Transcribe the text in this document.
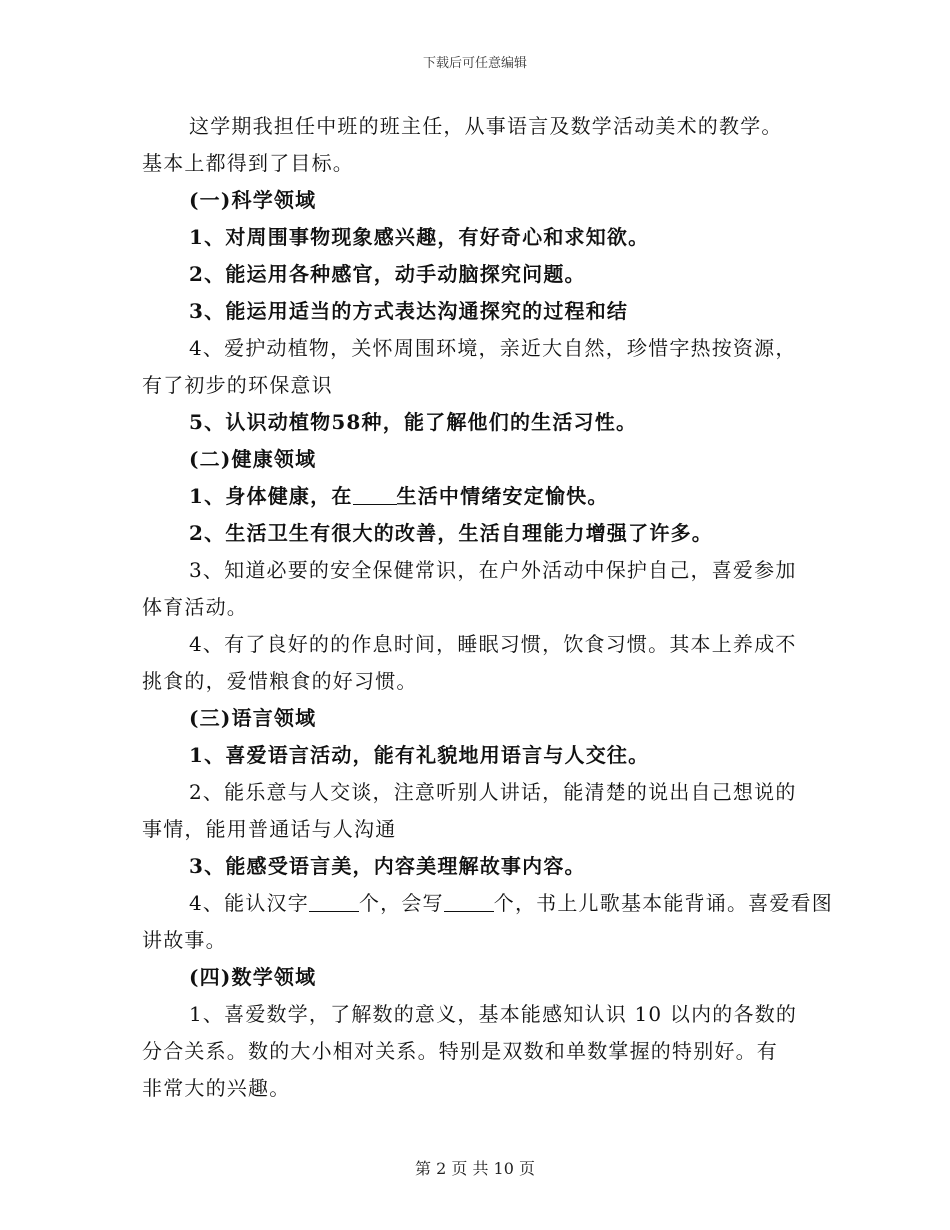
下载后可任意编辑
这学期我担任中班的班主任，从事语言及数学活动美术的教学。
基本上都得到了目标。
(一)科学领域
1、对周围事物现象感兴趣，有好奇心和求知欲。
2、能运用各种感官，动手动脑探究问题。
3、能运用适当的方式表达沟通探究的过程和结
4、爱护动植物，关怀周围环境，亲近大自然，珍惜字热按资源，
有了初步的环保意识
5、认识动植物58种，能了解他们的生活习性。
(二)健康领域
1、身体健康，在 生活中情绪安定愉快。
2、生活卫生有很大的改善，生活自理能力增强了许多。
3、知道必要的安全保健常识，在户外活动中保护自己，喜爱参加
体育活动。
4、有了良好的的作息时间，睡眠习惯，饮食习惯。其本上养成不
挑食的，爱惜粮食的好习惯。
(三)语言领域
1、喜爱语言活动，能有礼貌地用语言与人交往。
2、能乐意与人交谈，注意听别人讲话，能清楚的说出自己想说的
事情，能用普通话与人沟通
3、能感受语言美，内容美理解故事内容。
4、能认汉字	个，会写	个，书上儿歌基本能背诵。喜爱看图
讲故事。
(四)数学领域
1、喜爱数学，了解数的意义，基本能感知认识 10 以内的各数的
分合关系。数的大小相对关系。特别是双数和单数掌握的特别好。有
非常大的兴趣。
第 2 页 共 10 页
